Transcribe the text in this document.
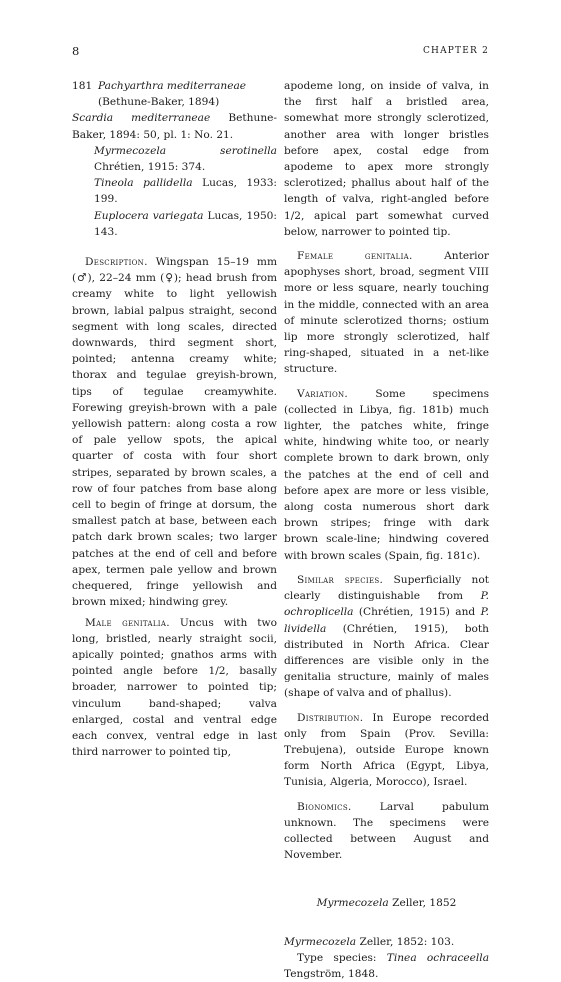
8	CHAPTER 2
181 Pachyarthra mediterraneae
(Bethune-Baker, 1894)

Scardia mediterraneae Bethune-Baker, 1894: 50, pl. 1: No. 21.

Myrmecozela serotinella Chrétien, 1915: 374.

Tineola pallidella Lucas, 1933: 199.

Euplocera variegata Lucas, 1950: 143.

Description. Wingspan 15–19 mm (♂), 22–24 mm (♀); head brush from creamy white to light yellowish brown, labial palpus straight, second segment with long scales, directed downwards, third segment short, pointed; antenna creamy white; thorax and tegulae greyish-brown, tips of tegulae creamywhite. Forewing greyish-brown with a pale yellowish pattern: along costa a row of pale yellow spots, the apical quarter of costa with four short stripes, separated by brown scales, a row of four patches from base along cell to begin of fringe at dorsum, the smallest patch at base, between each patch dark brown scales; two larger patches at the end of cell and before apex, termen pale yellow and brown chequered, fringe yellowish and brown mixed; hindwing grey.

Male genitalia. Uncus with two long, bristled, nearly straight socii, apically pointed; gnathos arms with pointed angle before 1/2, basally broader, narrower to pointed tip; vinculum band-shaped; valva enlarged, costal and ventral edge each convex, ventral edge in last third narrower to pointed tip,

apodeme long, on inside of valva, in the first half a bristled area, somewhat more strongly sclerotized, another area with longer bristles before apex, costal edge from apodeme to apex more strongly sclerotized; phallus about half of the length of valva, right-angled before 1/2, apical part somewhat curved below, narrower to pointed tip.

Female genitalia.	Anterior apophyses short, broad, segment VIII more or less square, nearly touching in the middle, connected with an area of minute sclerotized thorns; ostium lip more strongly sclerotized, half ring-shaped, situated in a net-like structure.

Variation.	Some specimens (collected in Libya, fig. 181b) much lighter, the patches white, fringe white, hindwing white too, or nearly complete brown to dark brown, only the patches at the end of cell and before apex are more or less visible, along costa numerous short dark brown stripes; fringe with dark brown scale-line; hindwing covered with brown scales (Spain, fig. 181c).

Similar species. Superficially not clearly distinguishable from P. ochroplicella (Chrétien, 1915) and P. lividella (Chrétien, 1915), both distributed in North Africa. Clear differences are visible only in the genitalia structure, mainly of males (shape of valva and of phallus).

Distribution. In Europe recorded only from Spain (Prov. Sevilla: Trebujena), outside Europe known form North Africa (Egypt, Libya, Tunisia, Algeria, Morocco), Israel.

Bionomics.	Larval pabulum unknown. The specimens were collected between August and November.

Myrmecozela Zeller, 1852

Myrmecozela Zeller, 1852: 103.

Type species: Tinea ochraceella Tengström, 1848.
